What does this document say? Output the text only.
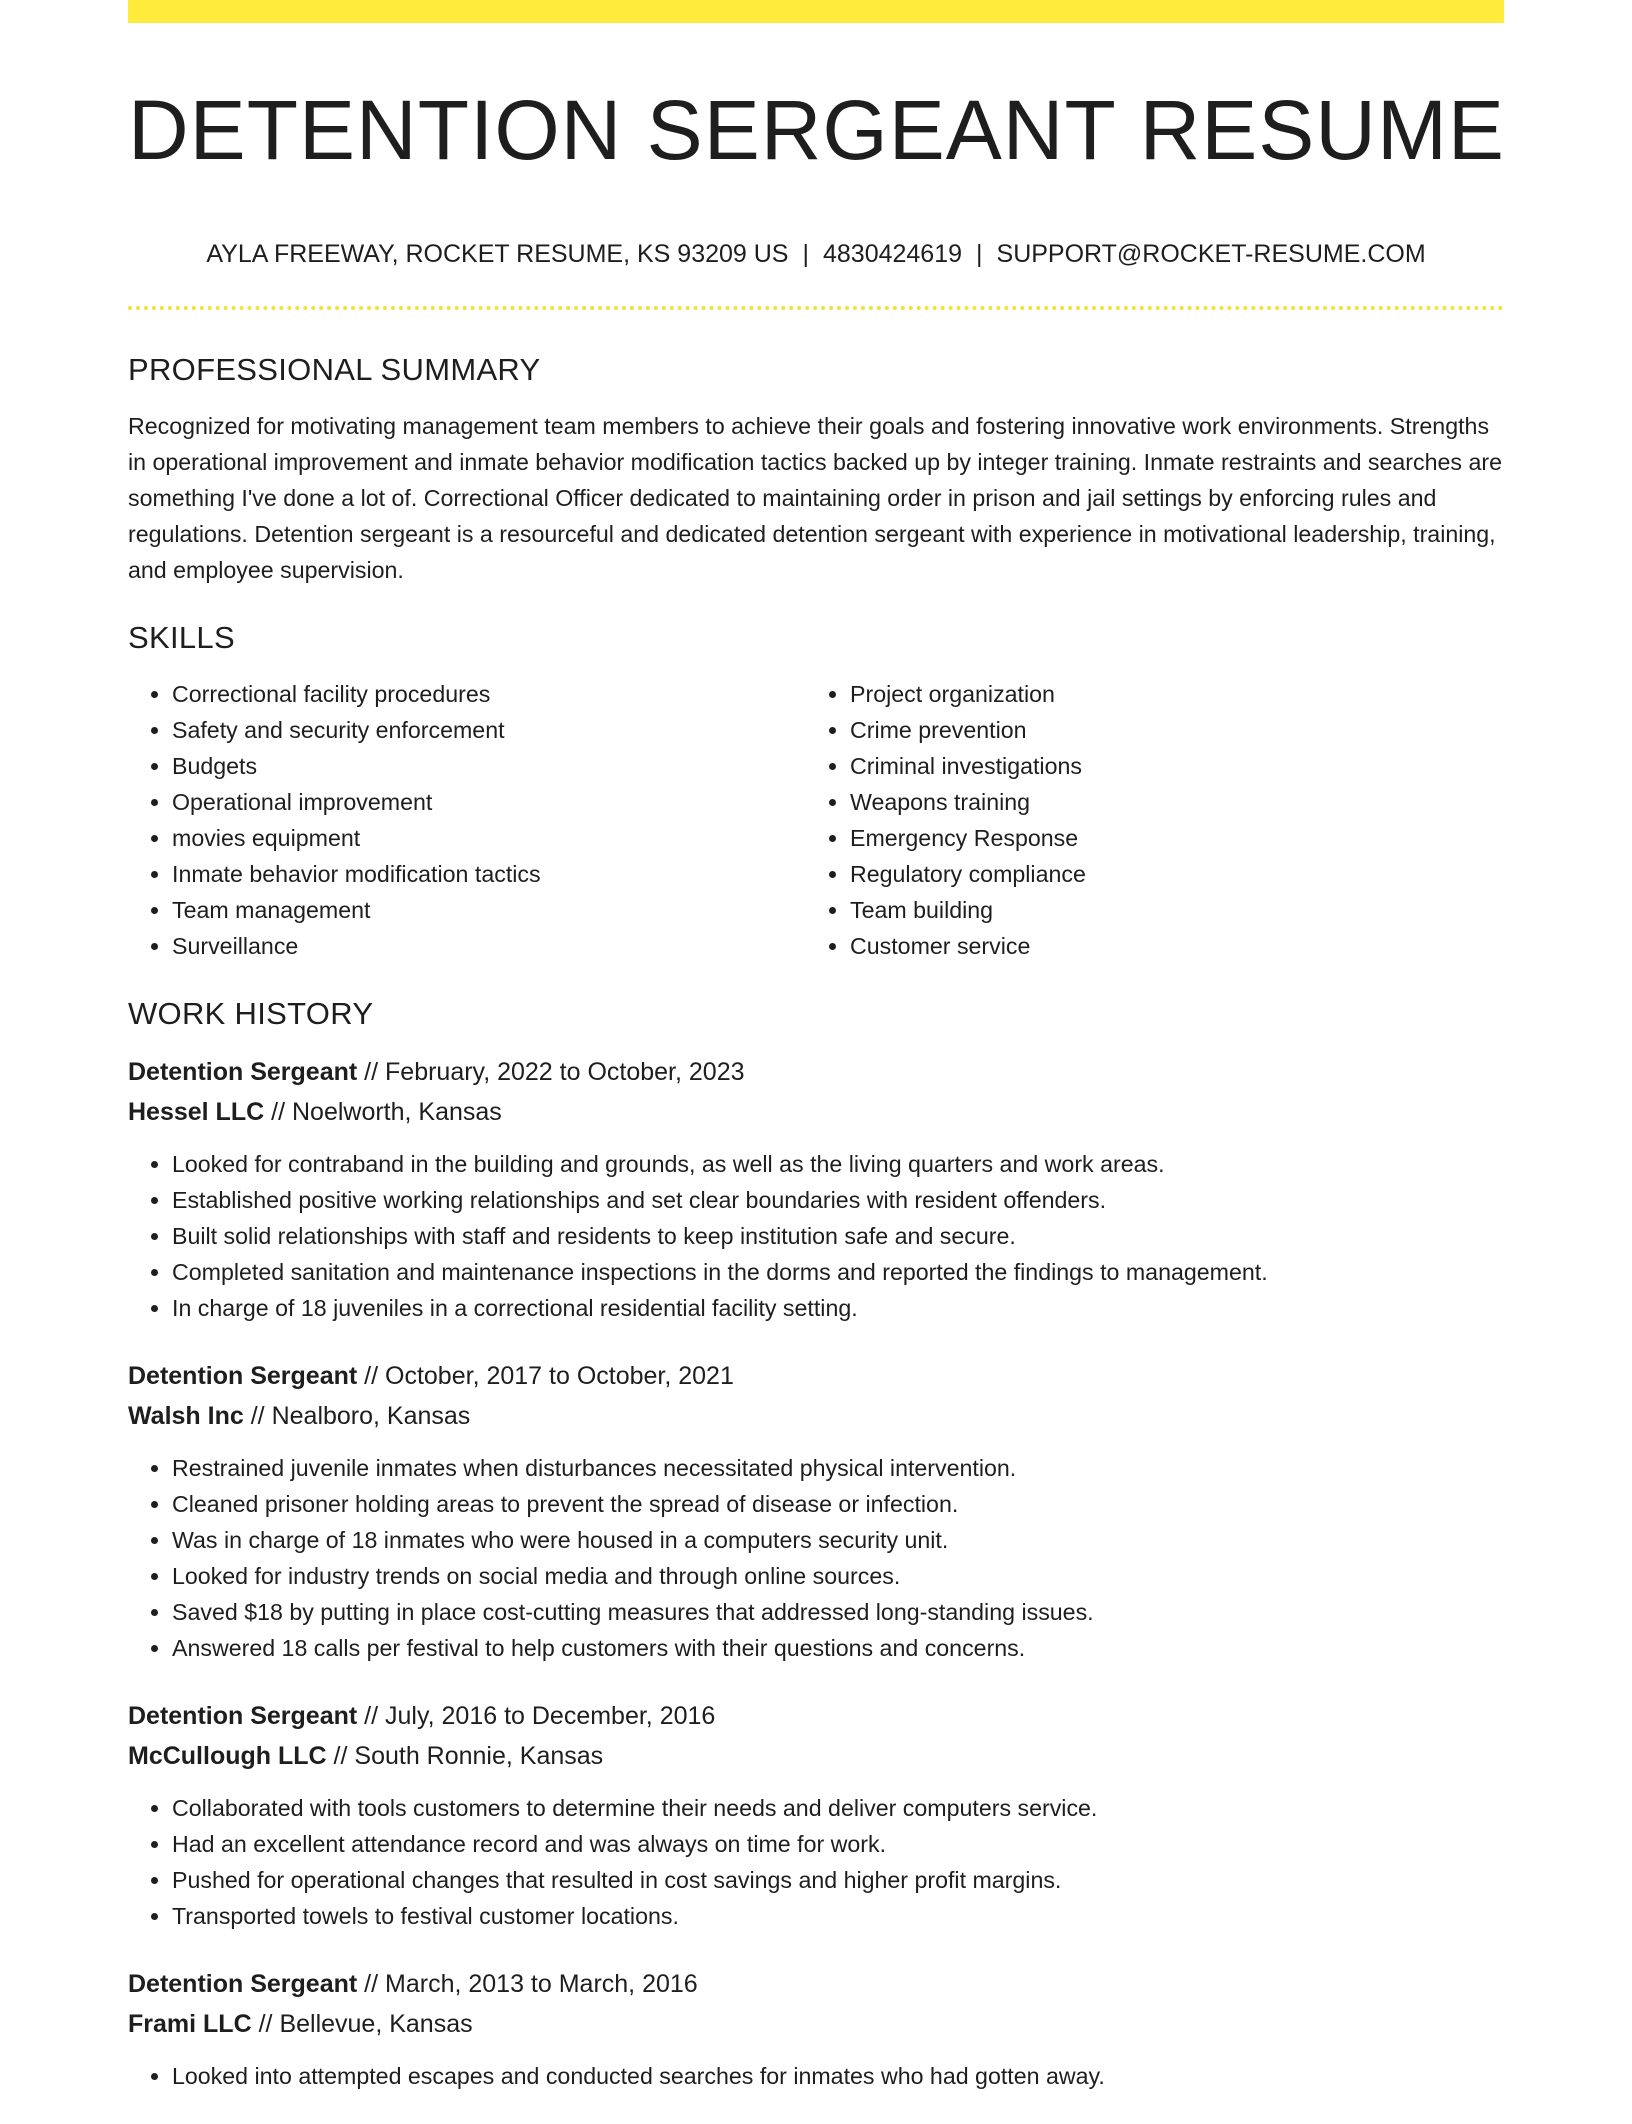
DETENTION SERGEANT RESUME
AYLA FREEWAY, ROCKET RESUME, KS 93209 US | 4830424619 | SUPPORT@ROCKET-RESUME.COM
PROFESSIONAL SUMMARY

Recognized for motivating management team members to achieve their goals and fostering innovative work environments. Strengths in operational improvement and inmate behavior modification tactics backed up by integer training. Inmate restraints and searches are something I've done a lot of. Correctional Officer dedicated to maintaining order in prison and jail settings by enforcing rules and regulations. Detention sergeant is a resourceful and dedicated detention sergeant with experience in motivational leadership, training, and employee supervision.

SKILLS
• Correctional facility procedures
• Safety and security enforcement
• Budgets
• Operational improvement
• movies equipment
• Inmate behavior modification tactics
• Team management
• Surveillance
• Project organization
• Crime prevention
• Criminal investigations
• Weapons training
• Emergency Response
• Regulatory compliance
• Team building
• Customer service
WORK HISTORY
Detention Sergeant // February, 2022 to October, 2023
Hessel LLC // Noelworth, Kansas
• Looked for contraband in the building and grounds, as well as the living quarters and work areas.
• Established positive working relationships and set clear boundaries with resident offenders.
• Built solid relationships with staff and residents to keep institution safe and secure.
• Completed sanitation and maintenance inspections in the dorms and reported the findings to management.
• In charge of 18 juveniles in a correctional residential facility setting.
Detention Sergeant // October, 2017 to October, 2021
Walsh Inc // Nealboro, Kansas
• Restrained juvenile inmates when disturbances necessitated physical intervention.
• Cleaned prisoner holding areas to prevent the spread of disease or infection.
• Was in charge of 18 inmates who were housed in a computers security unit.
• Looked for industry trends on social media and through online sources.
• Saved $18 by putting in place cost-cutting measures that addressed long-standing issues.
• Answered 18 calls per festival to help customers with their questions and concerns.
Detention Sergeant // July, 2016 to December, 2016
McCullough LLC // South Ronnie, Kansas
• Collaborated with tools customers to determine their needs and deliver computers service.
• Had an excellent attendance record and was always on time for work.
• Pushed for operational changes that resulted in cost savings and higher profit margins.
• Transported towels to festival customer locations.
Detention Sergeant // March, 2013 to March, 2016
Frami LLC // Bellevue, Kansas
• Looked into attempted escapes and conducted searches for inmates who had gotten away.
